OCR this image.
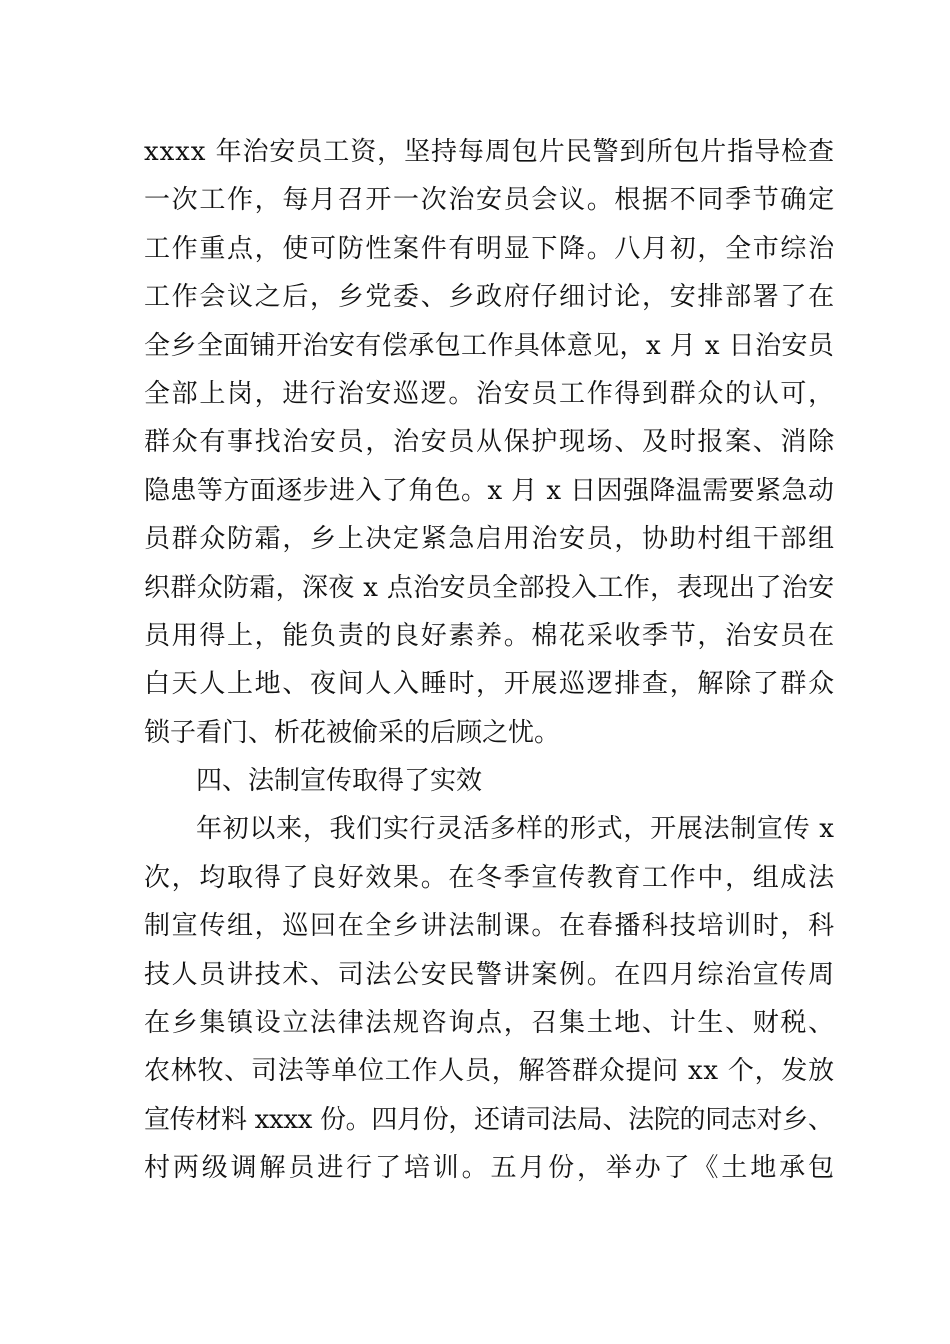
xxxx 年治安员工资，坚持每周包片民警到所包片指导检查
一次工作，每月召开一次治安员会议。根据不同季节确定
工作重点，使可防性案件有明显下降。八月初，全市综治
工作会议之后，乡党委、乡政府仔细讨论，安排部署了在
全乡全面铺开治安有偿承包工作具体意见，x 月 x 日治安员
全部上岗，进行治安巡逻。治安员工作得到群众的认可，
群众有事找治安员，治安员从保护现场、及时报案、消除
隐患等方面逐步进入了角色。x 月 x 日因强降温需要紧急动
员群众防霜，乡上决定紧急启用治安员，协助村组干部组
织群众防霜，深夜 x 点治安员全部投入工作，表现出了治安
员用得上，能负责的良好素养。棉花采收季节，治安员在
白天人上地、夜间人入睡时，开展巡逻排查，解除了群众
锁子看门、析花被偷采的后顾之忧。
四、法制宣传取得了实效
年初以来，我们实行灵活多样的形式，开展法制宣传 x
次，均取得了良好效果。在冬季宣传教育工作中，组成法
制宣传组，巡回在全乡讲法制课。在春播科技培训时，科
技人员讲技术、司法公安民警讲案例。在四月综治宣传周
在乡集镇设立法律法规咨询点，召集土地、计生、财税、
农林牧、司法等单位工作人员，解答群众提问 xx 个，发放
宣传材料 xxxx 份。四月份，还请司法局、法院的同志对乡、
村两级调解员进行了培训。五月份，举办了《土地承包
